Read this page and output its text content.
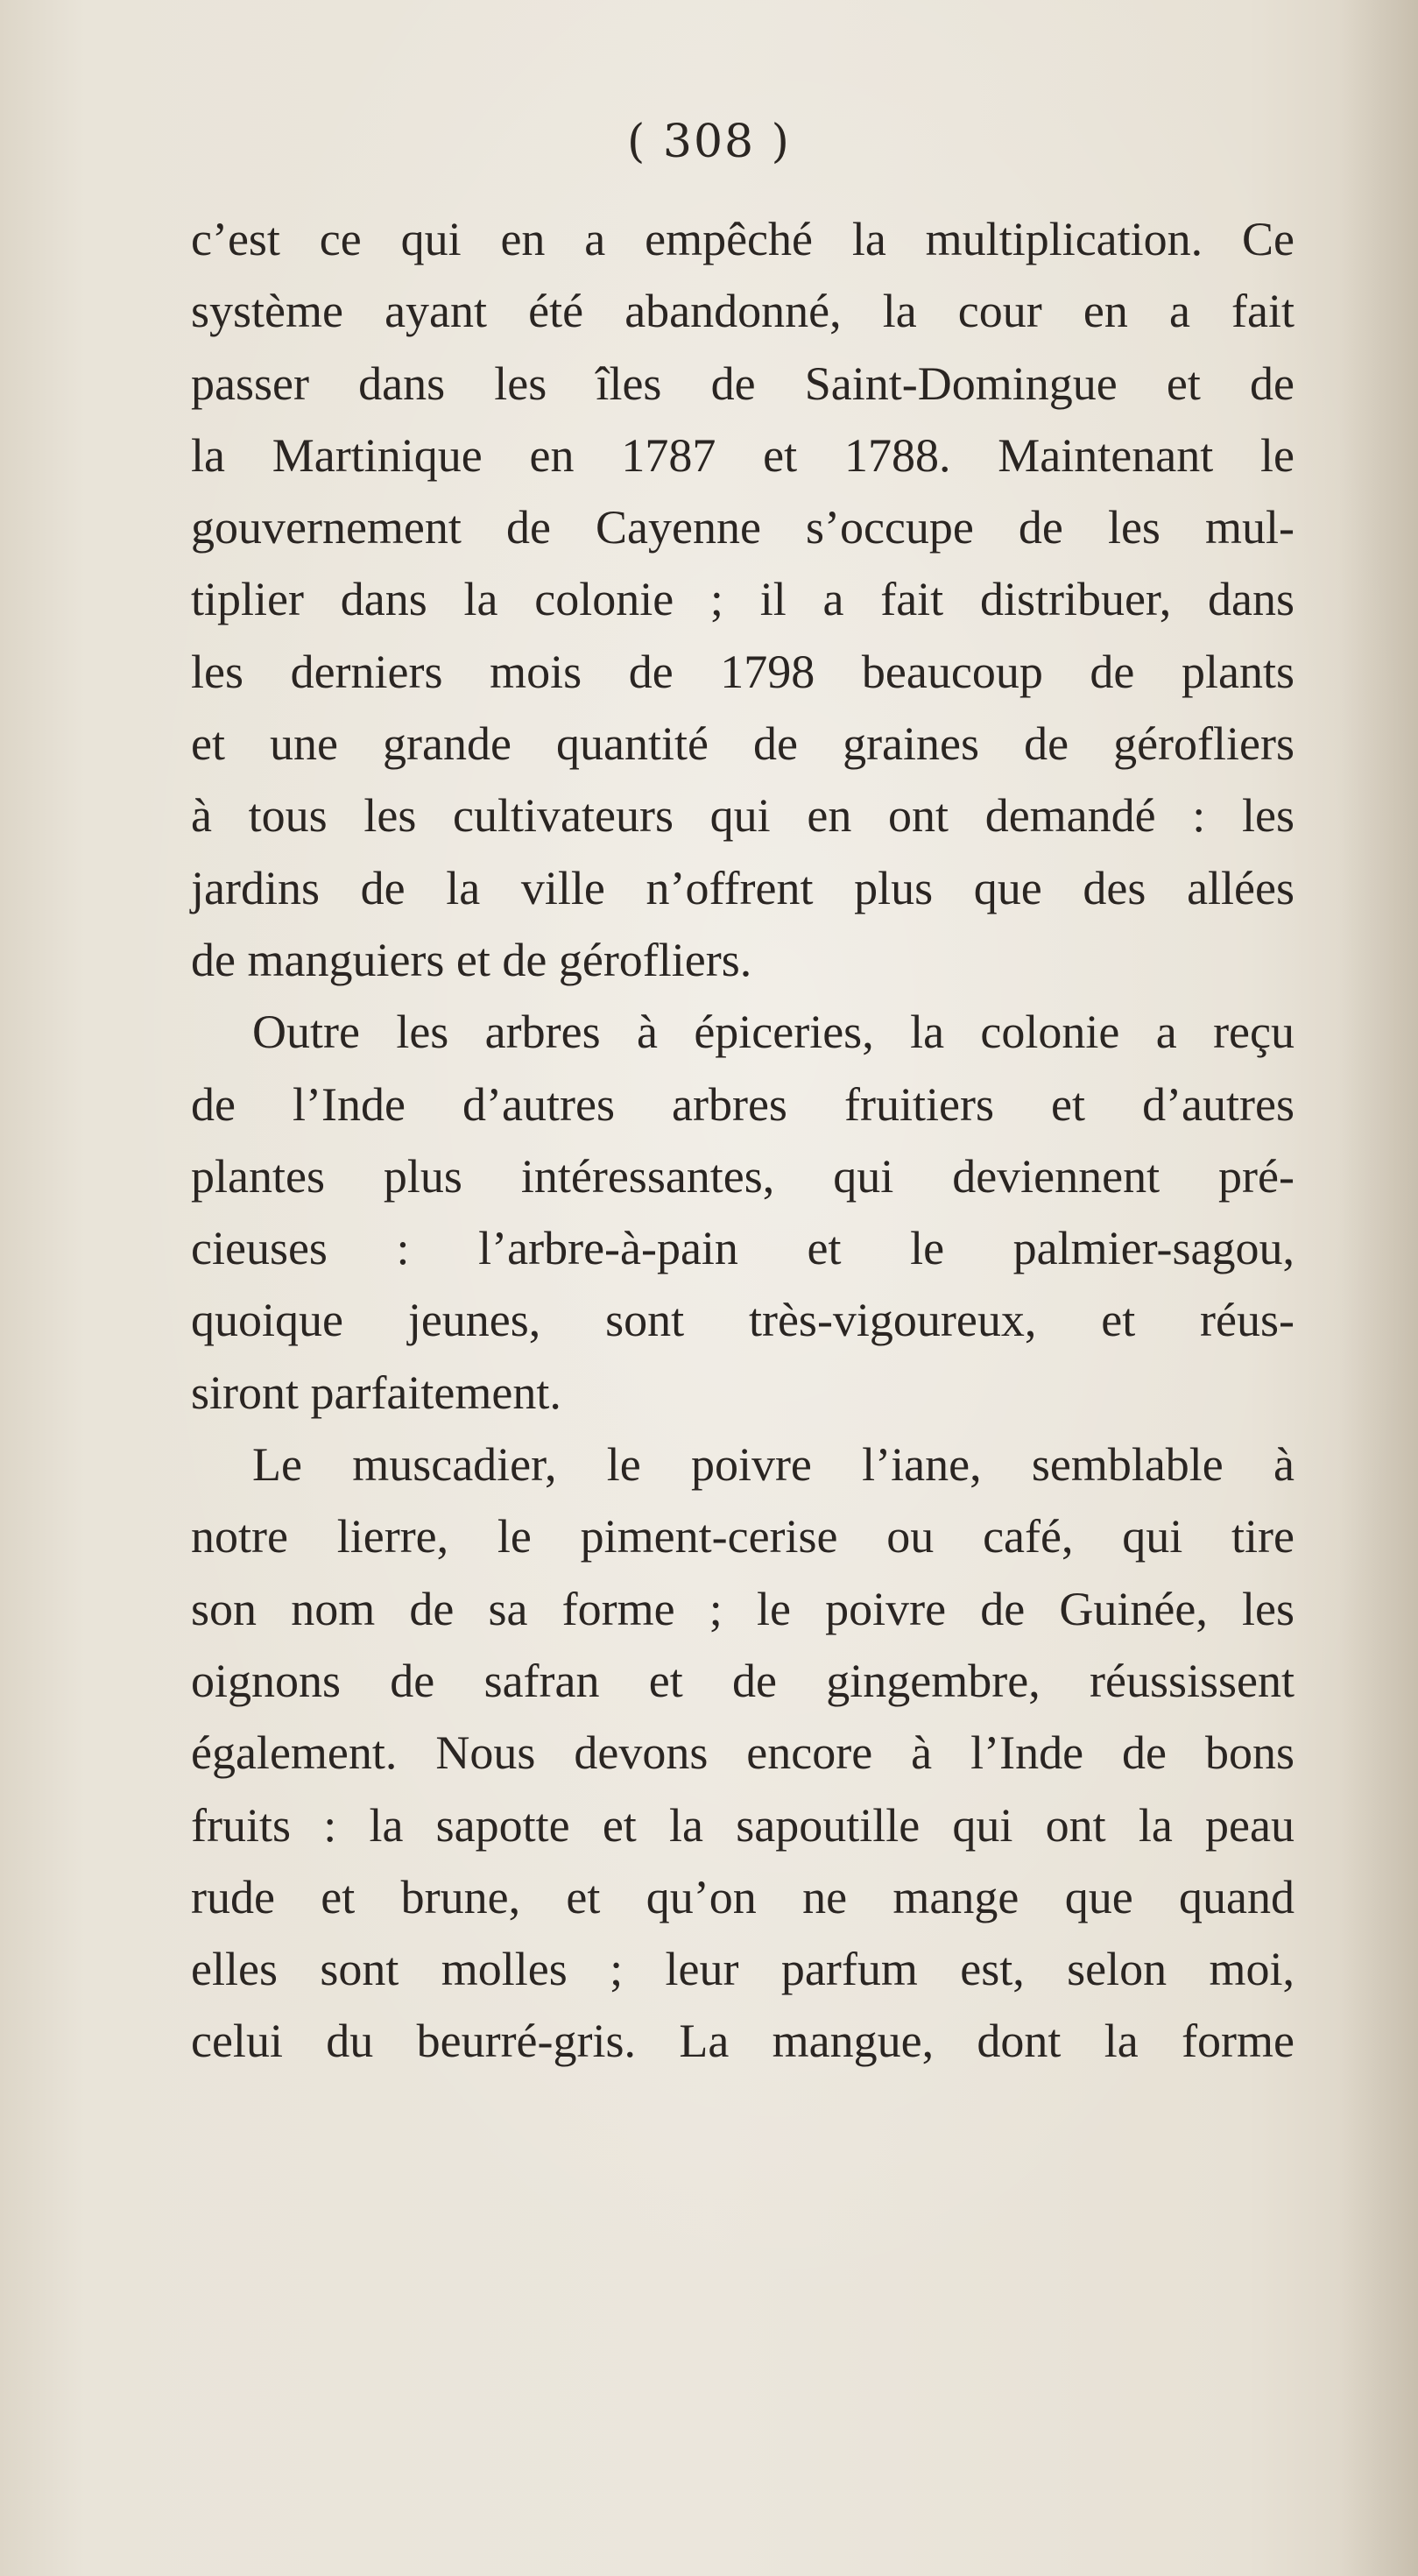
( 308 )
c’est ce qui en a empêché la multiplication. Ce
système ayant été abandonné, la cour en a fait
passer dans les îles de Saint-Domingue et de
la Martinique en 1787 et 1788. Maintenant le
gouvernement de Cayenne s’occupe de les mul-
tiplier dans la colonie ; il a fait distribuer, dans
les derniers mois de 1798 beaucoup de plants
et une grande quantité de graines de gérofliers
à tous les cultivateurs qui en ont demandé : les
jardins de la ville n’offrent plus que des allées
de manguiers et de gérofliers.
Outre les arbres à épiceries, la colonie a reçu
de l’Inde d’autres arbres fruitiers et d’autres
plantes plus intéressantes, qui deviennent pré-
cieuses : l’arbre-à-pain et le palmier-sagou,
quoique jeunes, sont très-vigoureux, et réus-
siront parfaitement.
Le muscadier, le poivre l’iane, semblable à
notre lierre, le piment-cerise ou café, qui tire
son nom de sa forme ; le poivre de Guinée, les
oignons de safran et de gingembre, réussissent
également. Nous devons encore à l’Inde de bons
fruits : la sapotte et la sapoutille qui ont la peau
rude et brune, et qu’on ne mange que quand
elles sont molles ; leur parfum est, selon moi,
celui du beurré-gris. La mangue, dont la forme
